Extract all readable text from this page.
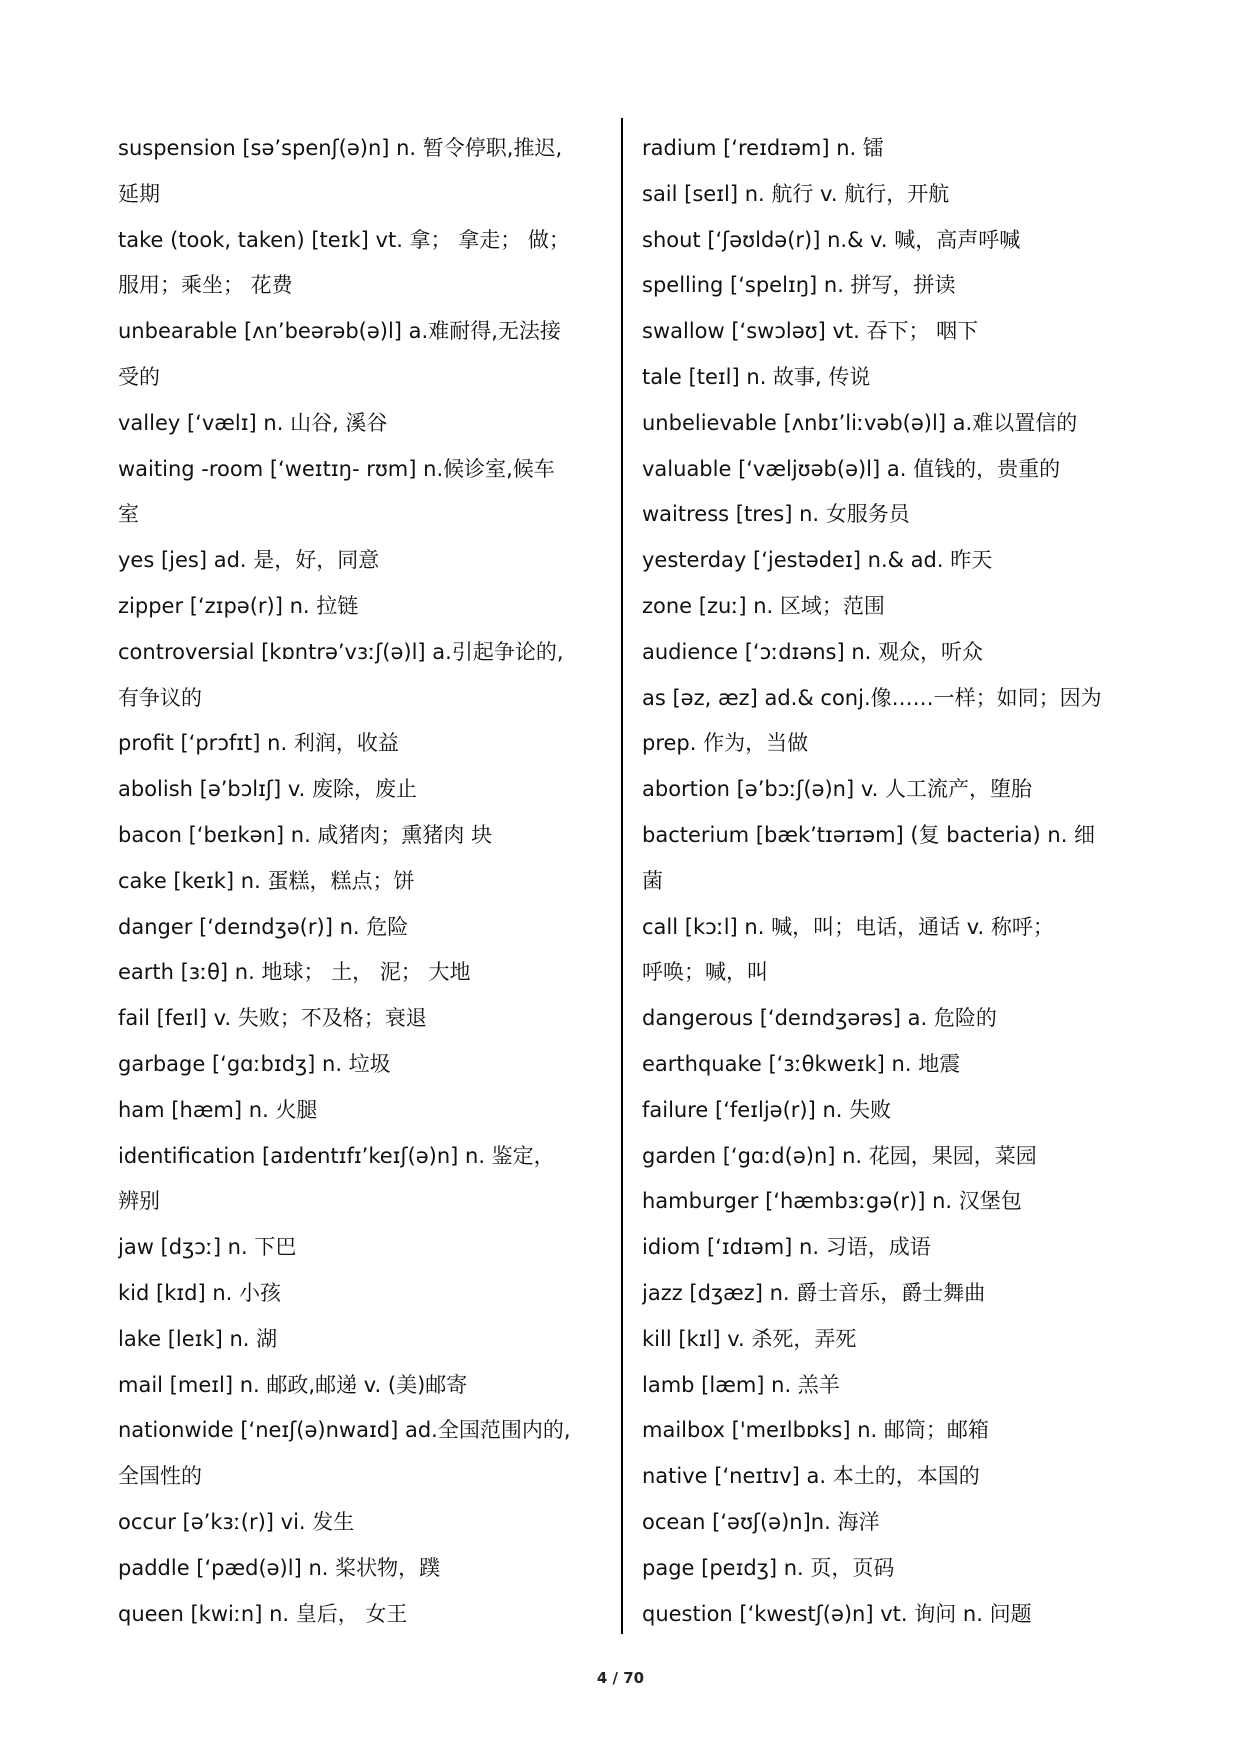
suspension [sə’spenʃ(ə)n] n. 暂令停职,推迟,
延期
take (took, taken) [teɪk] vt. 拿； 拿走； 做；
服用；乘坐； 花费
unbearable [ʌn’beərəb(ə)l] a.难耐得,无法接
受的
valley [‘vælɪ] n. 山谷, 溪谷
waiting -room [‘weɪtɪŋ- rʊm] n.候诊室,候车
室
yes [jes] ad. 是，好，同意
zipper [‘zɪpə(r)] n. 拉链
controversial [kɒntrə’vɜːʃ(ə)l] a.引起争论的,
有争议的
profit [‘prɔfɪt] n. 利润，收益
abolish [ə’bɔlɪʃ] v. 废除，废止
bacon [‘beɪkən] n. 咸猪肉；熏猪肉 块
cake [keɪk] n. 蛋糕，糕点；饼
danger [‘deɪndʒə(r)] n. 危险
earth [ɜːθ] n. 地球； 土， 泥； 大地
fail [feɪl] v. 失败；不及格；衰退
garbage [‘gɑːbɪdʒ] n. 垃圾
ham [hæm] n. 火腿
identification [aɪdentɪfɪ’keɪʃ(ə)n] n. 鉴定，
辨别
jaw [dʒɔː] n. 下巴
kid [kɪd] n. 小孩
lake [leɪk] n. 湖
mail [meɪl] n. 邮政,邮递 v. (美)邮寄
nationwide [‘neɪʃ(ə)nwaɪd] ad.全国范围内的,
全国性的
occur [ə’kɜː(r)] vi. 发生
paddle [‘pæd(ə)l] n. 桨状物，蹼
queen [kwiːn] n. 皇后， 女王
radium [‘reɪdɪəm] n. 镭
sail [seɪl] n. 航行 v. 航行，开航
shout [‘ʃəʊldə(r)] n.& v. 喊，高声呼喊
spelling [‘spelɪŋ] n. 拼写，拼读
swallow [‘swɔləʊ] vt. 吞下； 咽下
tale [teɪl] n. 故事, 传说
unbelievable [ʌnbɪ’liːvəb(ə)l] a.难以置信的
valuable [‘væljʊəb(ə)l] a. 值钱的，贵重的
waitress [tres] n. 女服务员
yesterday [‘jestədeɪ] n.& ad. 昨天
zone [zuː] n. 区域；范围
audience [‘ɔːdɪəns] n. 观众，听众
as [əz, æz] ad.& conj.像……一样；如同；因为
prep. 作为，当做
abortion [ə’bɔːʃ(ə)n] v. 人工流产，堕胎
bacterium [bæk’tɪərɪəm] (复 bacteria) n. 细
菌
call [kɔːl] n. 喊，叫；电话，通话 v. 称呼；
呼唤；喊，叫
dangerous [‘deɪndʒərəs] a. 危险的
earthquake [‘ɜːθkweɪk] n. 地震
failure [‘feɪljə(r)] n. 失败
garden [‘gɑːd(ə)n] n. 花园，果园，菜园
hamburger [‘hæmbɜːgə(r)] n. 汉堡包
idiom [‘ɪdɪəm] n. 习语，成语
jazz [dʒæz] n. 爵士音乐，爵士舞曲
kill [kɪl] v. 杀死，弄死
lamb [læm] n. 羔羊
mailbox ['meɪlbɒks] n. 邮筒；邮箱
native [‘neɪtɪv] a. 本土的，本国的
ocean [‘əʊʃ(ə)n]n. 海洋
page [peɪdʒ] n. 页，页码
question [‘kwestʃ(ə)n] vt. 询问 n. 问题
4 / 70
